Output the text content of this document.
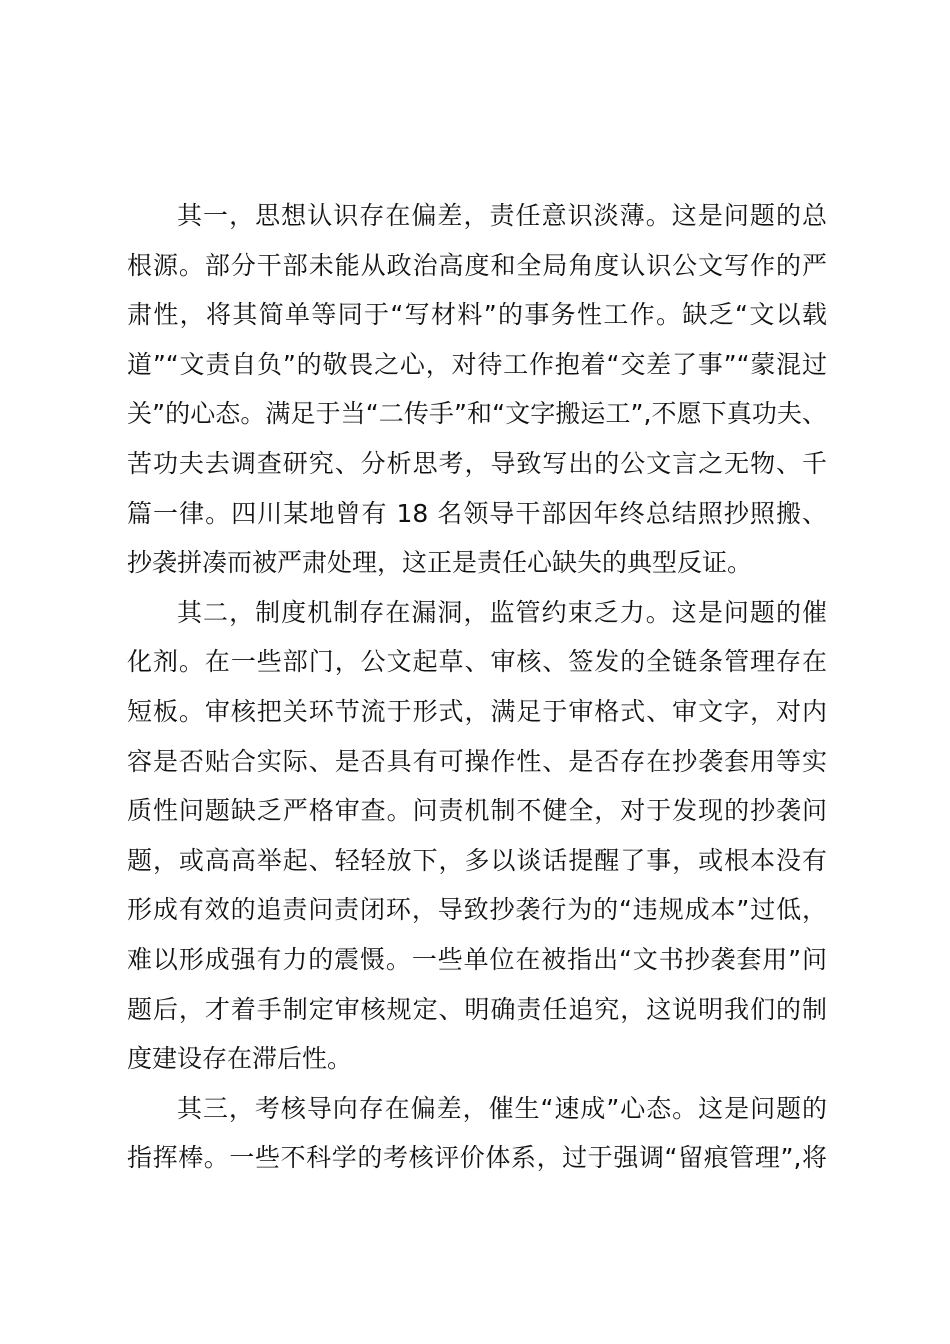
其一，思想认识存在偏差，责任意识淡薄。这是问题的总
根源。部分干部未能从政治高度和全局角度认识公文写作的严
肃性，将其简单等同于“写材料”的事务性工作。缺乏“文以载
道”“文责自负”的敬畏之心，对待工作抱着“交差了事”“蒙混过
关”的心态。满足于当“二传手”和“文字搬运工”,不愿下真功夫、
苦功夫去调查研究、分析思考，导致写出的公文言之无物、千
篇一律。四川某地曾有 18 名领导干部因年终总结照抄照搬、
抄袭拼凑而被严肃处理，这正是责任心缺失的典型反证。
其二，制度机制存在漏洞，监管约束乏力。这是问题的催
化剂。在一些部门，公文起草、审核、签发的全链条管理存在
短板。审核把关环节流于形式，满足于审格式、审文字，对内
容是否贴合实际、是否具有可操作性、是否存在抄袭套用等实
质性问题缺乏严格审查。问责机制不健全，对于发现的抄袭问
题，或高高举起、轻轻放下，多以谈话提醒了事，或根本没有
形成有效的追责问责闭环，导致抄袭行为的“违规成本”过低，
难以形成强有力的震慑。一些单位在被指出“文书抄袭套用”问
题后，才着手制定审核规定、明确责任追究，这说明我们的制
度建设存在滞后性。
其三，考核导向存在偏差，催生“速成”心态。这是问题的
指挥棒。一些不科学的考核评价体系，过于强调“留痕管理”,将
